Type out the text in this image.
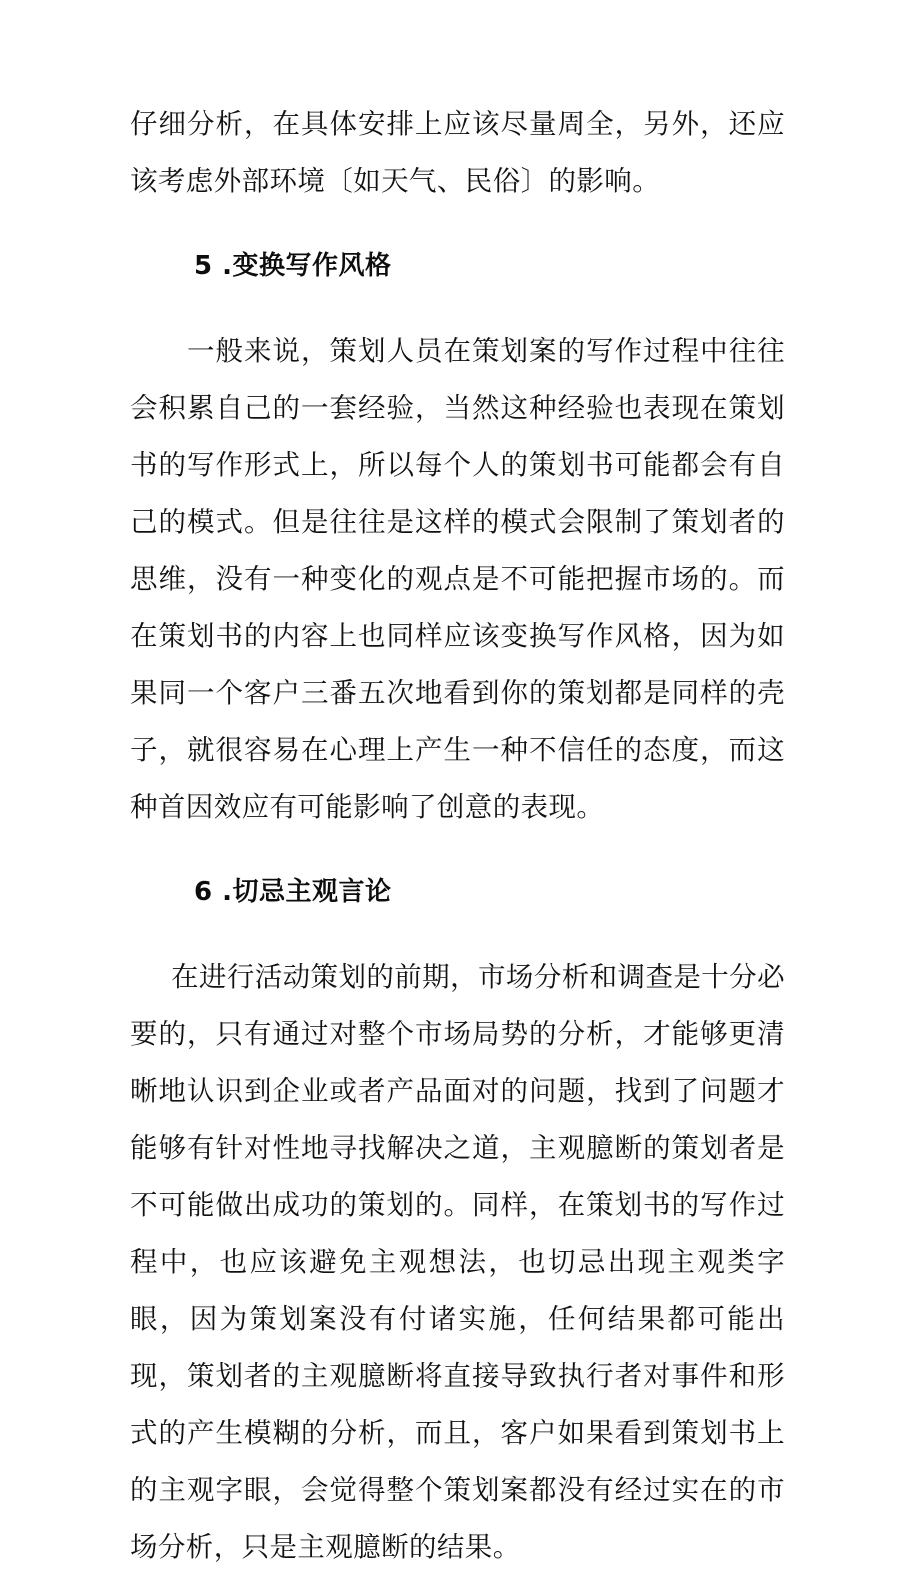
仔细分析，在具体安排上应该尽量周全，另外，还应该考虑外部环境〔如天气、民俗〕的影响。

5 .变换写作风格

一般来说，策划人员在策划案的写作过程中往往会积累自己的一套经验，当然这种经验也表现在策划书的写作形式上，所以每个人的策划书可能都会有自己的模式。但是往往是这样的模式会限制了策划者的思维，没有一种变化的观点是不可能把握市场的。而在策划书的内容上也同样应该变换写作风格，因为如果同一个客户三番五次地看到你的策划都是同样的壳子，就很容易在心理上产生一种不信任的态度，而这种首因效应有可能影响了创意的表现。

6 .切忌主观言论

在进行活动策划的前期，市场分析和调查是十分必要的，只有通过对整个市场局势的分析，才能够更清晰地认识到企业或者产品面对的问题，找到了问题才能够有针对性地寻找解决之道，主观臆断的策划者是不可能做出成功的策划的。同样，在策划书的写作过程中，也应该避免主观想法，也切忌出现主观类字眼，因为策划案没有付诸实施，任何结果都可能出现，策划者的主观臆断将直接导致执行者对事件和形式的产生模糊的分析，而且，客户如果看到策划书上的主观字眼，会觉得整个策划案都没有经过实在的市场分析，只是主观臆断的结果。
